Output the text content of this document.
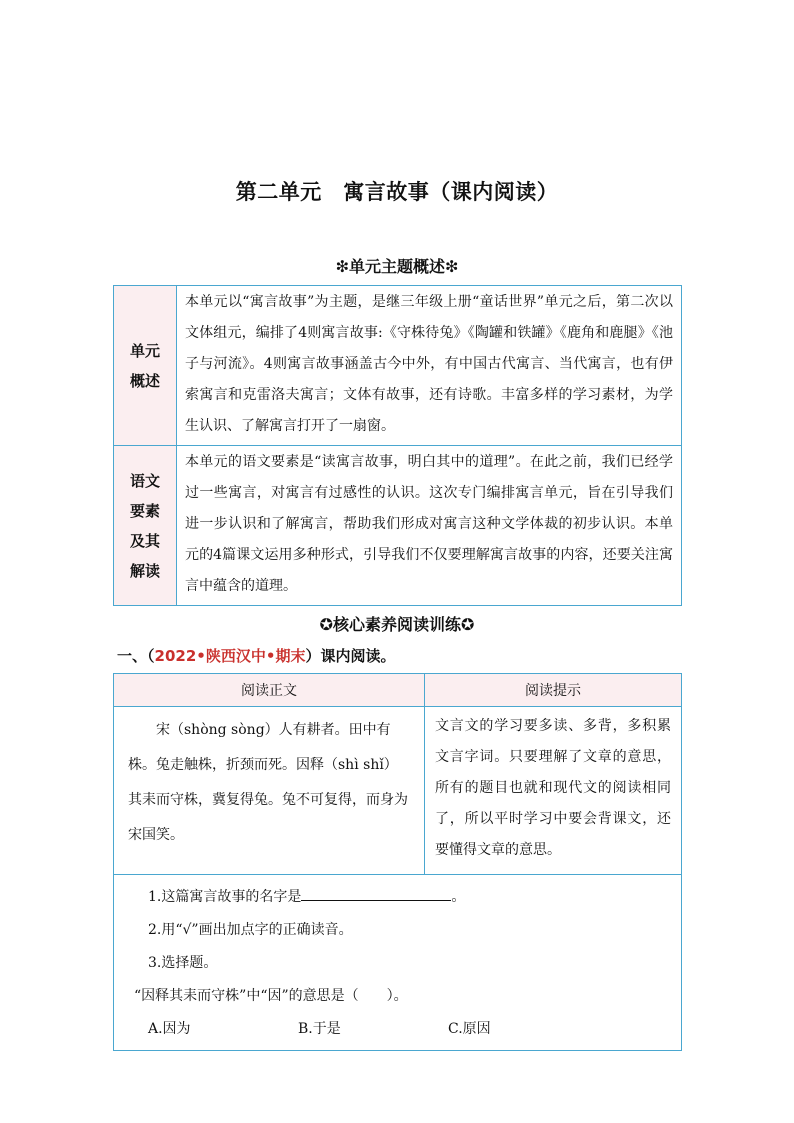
第二单元　寓言故事（课内阅读）
❇单元主题概述❇
单元概述	本单元以“寓言故事”为主题，是继三年级上册“童话世界”单元之后，第二次以文体组元，编排了4则寓言故事:《守株待兔》《陶罐和铁罐》《鹿角和鹿腿》《池子与河流》。4则寓言故事涵盖古今中外，有中国古代寓言、当代寓言，也有伊索寓言和克雷洛夫寓言；文体有故事，还有诗歌。丰富多样的学习素材，为学生认识、了解寓言打开了一扇窗。

语文要素及其解读	本单元的语文要素是“读寓言故事，明白其中的道理”。在此之前，我们已经学过一些寓言，对寓言有过感性的认识。这次专门编排寓言单元，旨在引导我们进一步认识和了解寓言，帮助我们形成对寓言这种文学体裁的初步认识。本单元的4篇课文运用多种形式，引导我们不仅要理解寓言故事的内容，还要关注寓言中蕴含的道理。
✪核心素养阅读训练✪
一、（2022•陕西汉中•期末）课内阅读。
阅读正文	阅读提示
宋（shòng sòng）人有耕者。田中有株。兔走触株，折颈而死。因释（shì shǐ）其耒而守株，冀复得兔。兔不可复得，而身为宋国笑。	文言文的学习要多读、多背，多积累文言字词。只要理解了文章的意思，所有的题目也就和现代文的阅读相同了，所以平时学习中要会背课文，还要懂得文章的意思。

1.这篇寓言故事的名字是 。
2.用“√”画出加点字的正确读音。
3.选择题。
“因释其耒而守株”中“因”的意思是（　　）。
A.因为 B.于是 C.原因	
